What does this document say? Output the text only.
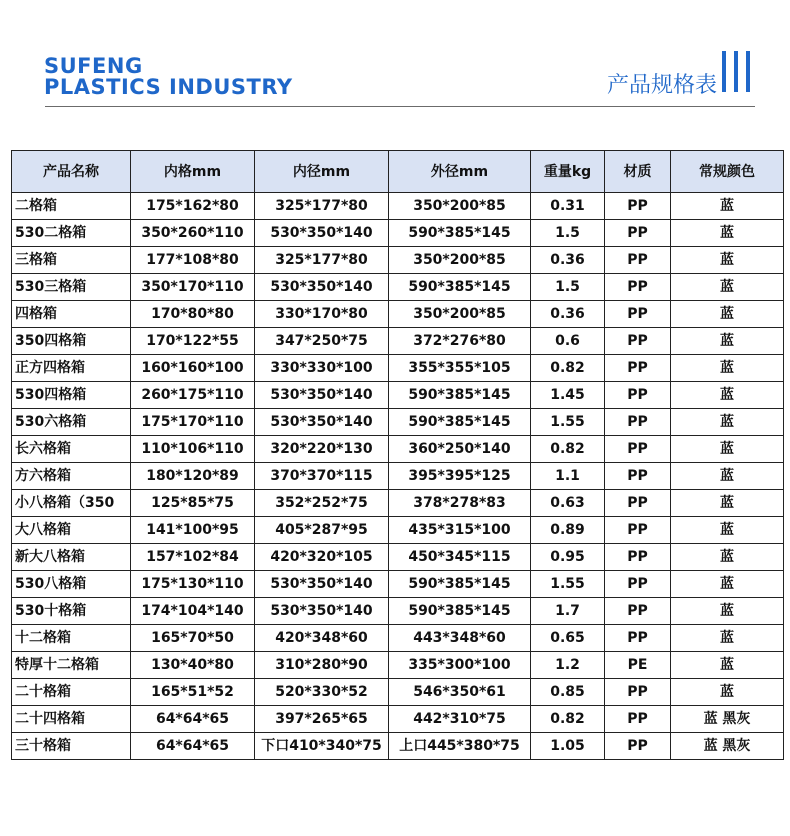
SUFENG
PLASTICS INDUSTRY	产品规格表
产品名称	内格mm	内径mm	外径mm	重量kg	材质	常规颜色
二格箱	175*162*80	325*177*80	350*200*85	0.31	PP	蓝
530二格箱	350*260*110	530*350*140	590*385*145	1.5	PP	蓝
三格箱	177*108*80	325*177*80	350*200*85	0.36	PP	蓝
530三格箱	350*170*110	530*350*140	590*385*145	1.5	PP	蓝
四格箱	170*80*80	330*170*80	350*200*85	0.36	PP	蓝
350四格箱	170*122*55	347*250*75	372*276*80	0.6	PP	蓝
正方四格箱	160*160*100	330*330*100	355*355*105	0.82	PP	蓝
530四格箱	260*175*110	530*350*140	590*385*145	1.45	PP	蓝
530六格箱	175*170*110	530*350*140	590*385*145	1.55	PP	蓝
长六格箱	110*106*110	320*220*130	360*250*140	0.82	PP	蓝
方六格箱	180*120*89	370*370*115	395*395*125	1.1	PP	蓝
小八格箱（350	125*85*75	352*252*75	378*278*83	0.63	PP	蓝
大八格箱	141*100*95	405*287*95	435*315*100	0.89	PP	蓝
新大八格箱	157*102*84	420*320*105	450*345*115	0.95	PP	蓝
530八格箱	175*130*110	530*350*140	590*385*145	1.55	PP	蓝
530十格箱	174*104*140	530*350*140	590*385*145	1.7	PP	蓝
十二格箱	165*70*50	420*348*60	443*348*60	0.65	PP	蓝
特厚十二格箱	130*40*80	310*280*90	335*300*100	1.2	PE	蓝
二十格箱	165*51*52	520*330*52	546*350*61	0.85	PP	蓝
二十四格箱	64*64*65	397*265*65	442*310*75	0.82	PP	蓝 黑灰
三十格箱	64*64*65	下口410*340*75	上口445*380*75	1.05	PP	蓝 黑灰
